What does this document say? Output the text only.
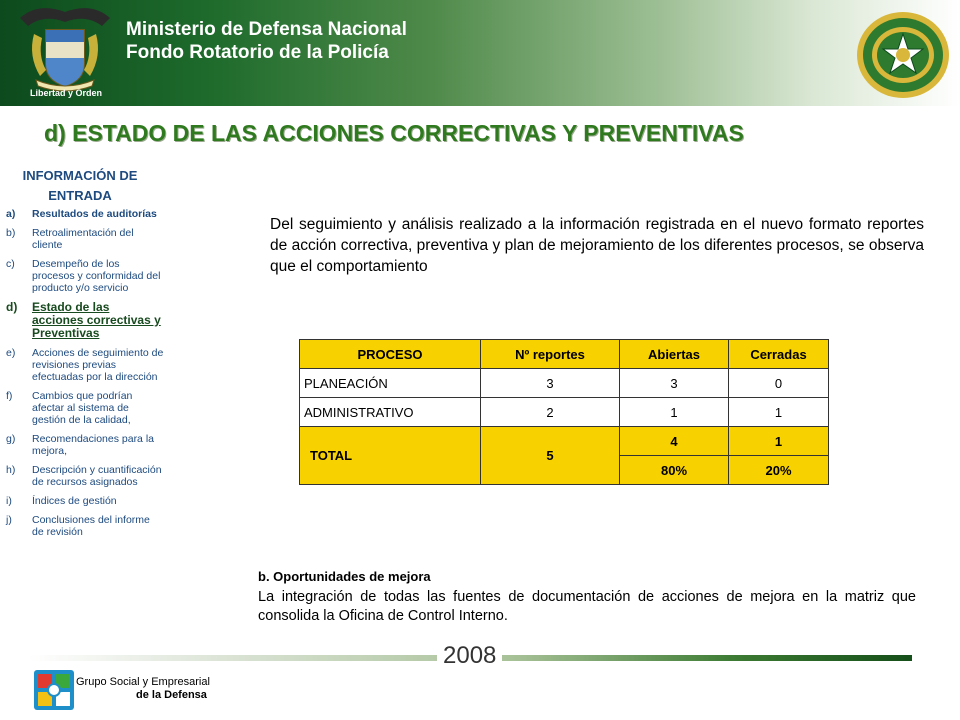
Libertad y Orden
Ministerio de Defensa Nacional
Fondo Rotatorio de la Policía
d) ESTADO DE LAS ACCIONES CORRECTIVAS Y PREVENTIVAS
INFORMACIÓN DE ENTRADA
a)	Resultados de auditorías
b)	Retroalimentación del cliente
c)	Desempeño de los procesos y conformidad del producto y/o servicio
d)	Estado de las acciones correctivas y Preventivas
e)	Acciones de seguimiento de revisiones previas efectuadas por la dirección
f)	Cambios que podrían afectar al sistema de gestión de la calidad,
g)	Recomendaciones para la mejora,
h)	Descripción y cuantificación de recursos asignados
i)	Índices de gestión
j)	Conclusiones del informe de revisión
Del seguimiento y análisis realizado a la información registrada en el nuevo formato reportes de acción correctiva, preventiva y plan de mejoramiento de los diferentes procesos, se observa que el comportamiento
PROCESO	Nº reportes	Abiertas	Cerradas
PLANEACIÓN	3	3	0
ADMINISTRATIVO	2	1	1
TOTAL	5	4	1
		80%	20%
b. Oportunidades de mejora
La integración de todas las fuentes de documentación de acciones de mejora en la matriz que consolida la Oficina de Control Interno.
2008
Grupo Social y Empresarial
de la Defensa
